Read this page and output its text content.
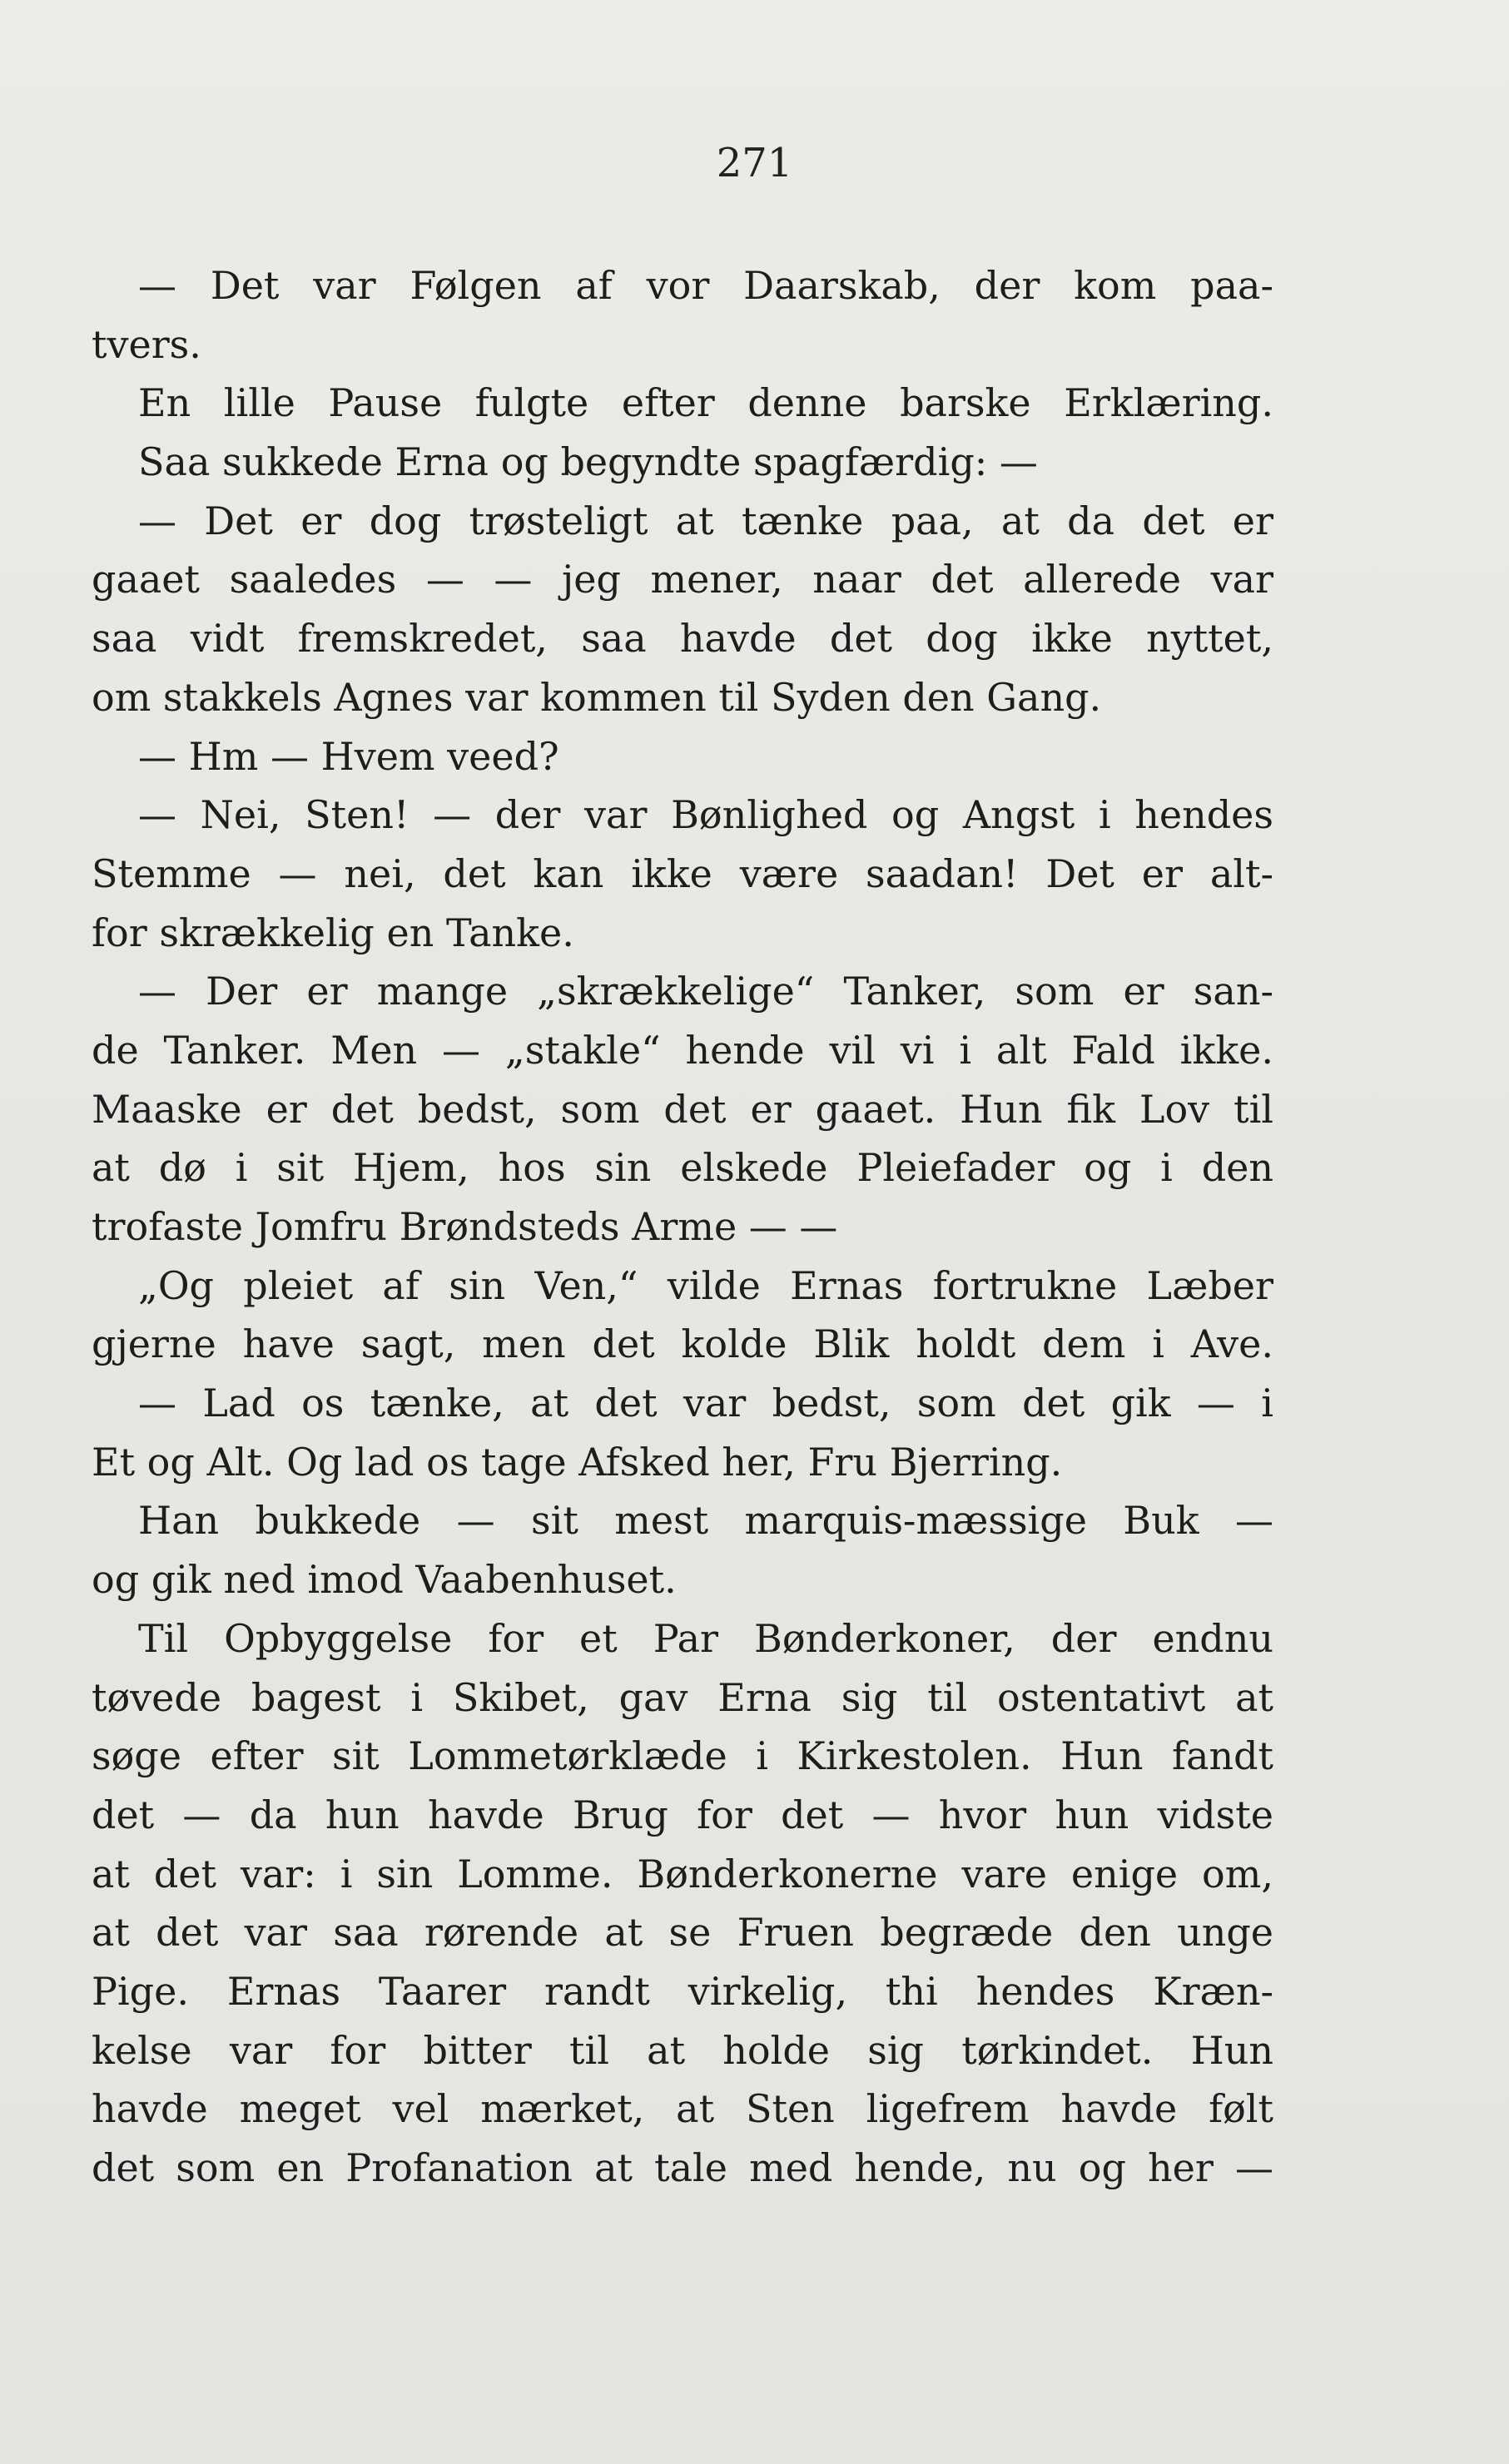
271
— Det var Følgen af vor Daarskab, der kom paa-
tvers.
En lille Pause fulgte efter denne barske Erklæring.
Saa sukkede Erna og begyndte spagfærdig: —
— Det er dog trøsteligt at tænke paa, at da det er
gaaet saaledes — — jeg mener, naar det allerede var
saa vidt fremskredet, saa havde det dog ikke nyttet,
om stakkels Agnes var kommen til Syden den Gang.
— Hm — Hvem veed?
— Nei, Sten! — der var Bønlighed og Angst i hendes
Stemme — nei, det kan ikke være saadan! Det er alt-
for skrækkelig en Tanke.
— Der er mange „skrækkelige“ Tanker, som er san-
de Tanker. Men — „stakle“ hende vil vi i alt Fald ikke.
Maaske er det bedst, som det er gaaet. Hun fik Lov til
at dø i sit Hjem, hos sin elskede Pleiefader og i den
trofaste Jomfru Brøndsteds Arme — —
„Og pleiet af sin Ven,“ vilde Ernas fortrukne Læber
gjerne have sagt, men det kolde Blik holdt dem i Ave.
— Lad os tænke, at det var bedst, som det gik — i
Et og Alt. Og lad os tage Afsked her, Fru Bjerring.
Han bukkede — sit mest marquis-mæssige Buk —
og gik ned imod Vaabenhuset.
Til Opbyggelse for et Par Bønderkoner, der endnu
tøvede bagest i Skibet, gav Erna sig til ostentativt at
søge efter sit Lommetørklæde i Kirkestolen. Hun fandt
det — da hun havde Brug for det — hvor hun vidste
at det var: i sin Lomme. Bønderkonerne vare enige om,
at det var saa rørende at se Fruen begræde den unge
Pige. Ernas Taarer randt virkelig, thi hendes Kræn-
kelse var for bitter til at holde sig tørkindet. Hun
havde meget vel mærket, at Sten ligefrem havde følt
det som en Profanation at tale med hende, nu og her —
